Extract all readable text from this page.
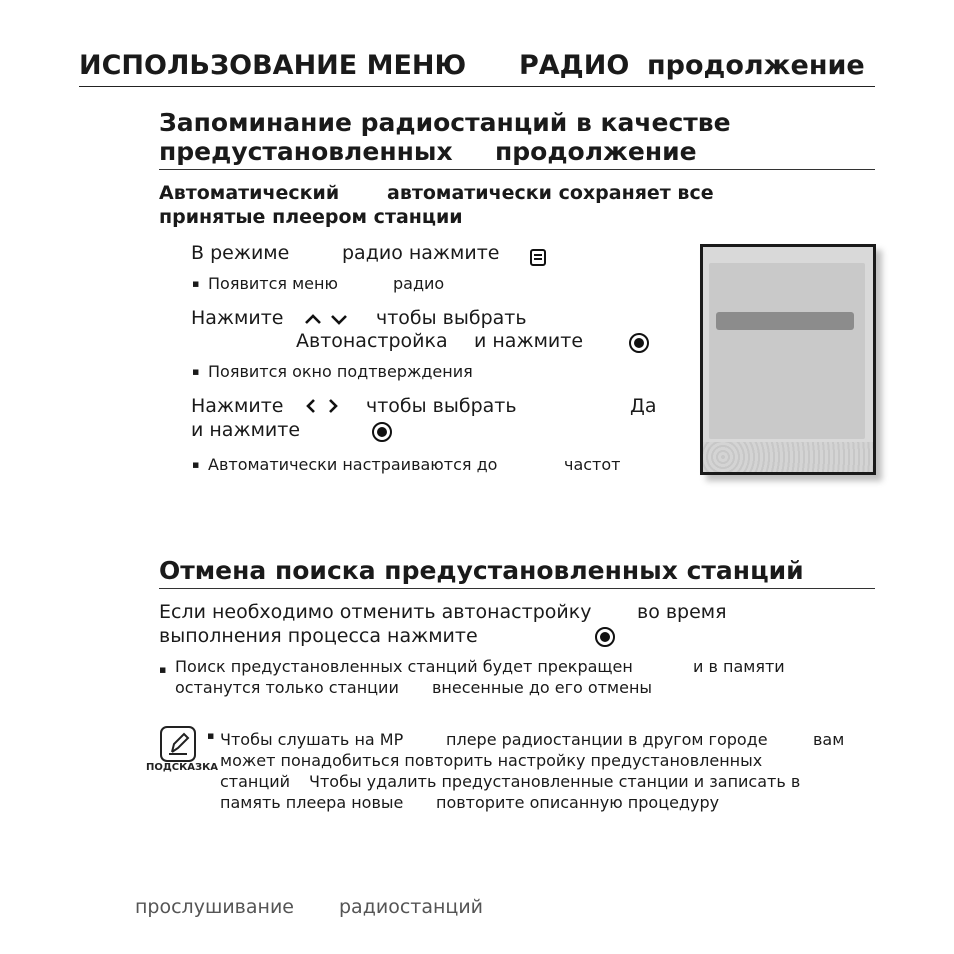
ИСПОЛЬЗОВАНИЕ МЕНЮ РАДИО продолжение
Запоминание радиостанций в качестве
предустановленных продолжение
Автоматический	автоматически сохраняет все
принятые плеером станции
В режиме	радио нажмите

▪ Появится меню	радио
Нажмите	чтобы выбрать
Автонастройка и нажмите

▪ Появится окно подтверждения
Нажмите	чтобы выбрать	Да
и нажмите

▪ Автоматически настраиваются до	частот
Отмена поиска предустановленных станций
Если необходимо отменить автонастройку во время
выполнения процесса нажмите
▪ Поиск предустановленных станций будет прекращен	и в памяти
останутся только станции внесенные до его отмены
ПОДСКАЗКА
Чтобы слушать на MP
▪	плере радиостанции в другом городе	вам
может понадобиться повторить настройку предустановленных
станций Чтобы удалить предустановленные станции и записать в
память плеера новые повторите описанную процедуру
прослушивание радиостанций
